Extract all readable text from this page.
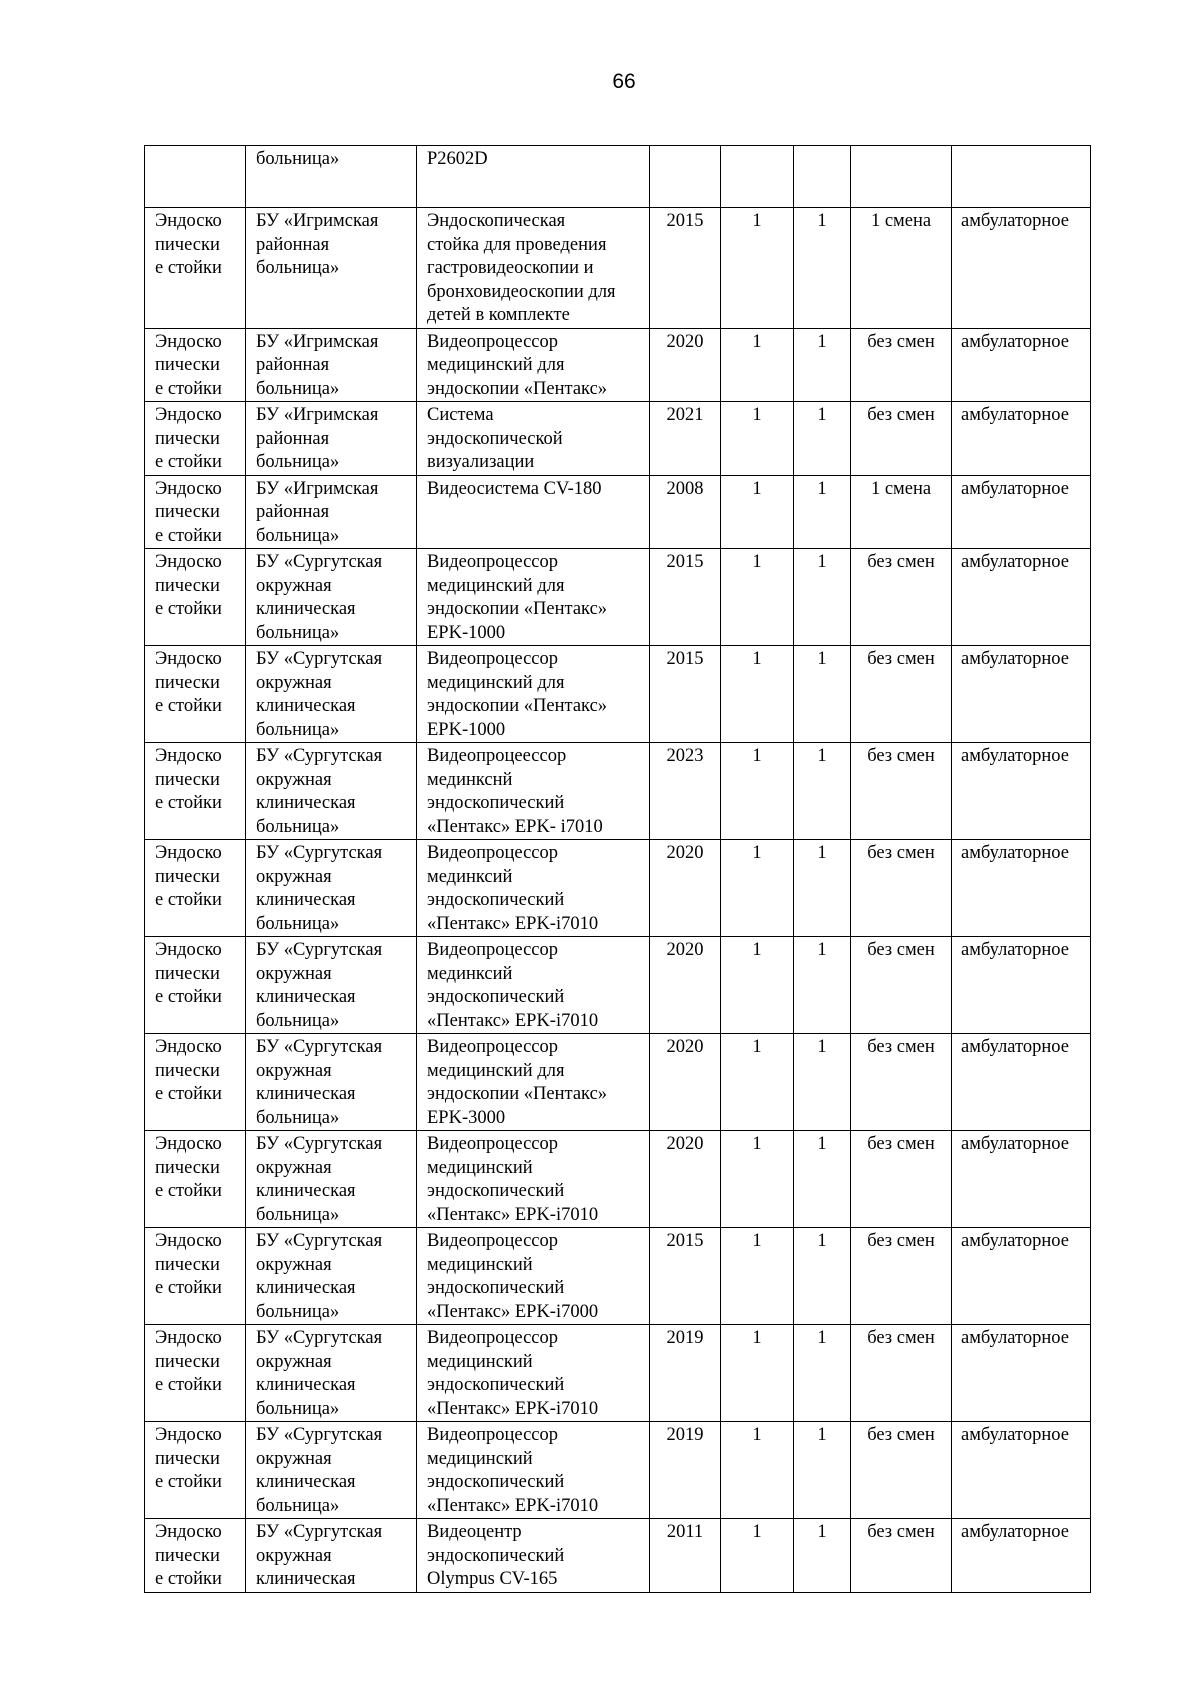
66
	больница»	P2602D					
Эндоско
пически
е стойки	БУ «Игримская
районная
больница»	Эндоскопическая
стойка для проведения
гастровидеоскопии и
бронховидеоскопии для
детей в комплекте	2015	1	1	1 смена	амбулаторное
Эндоско
пически
е стойки	БУ «Игримская
районная
больница»	Видеопроцессор
медицинский для
эндоскопии «Пентакс»	2020	1	1	без смен	амбулаторное
Эндоско
пически
е стойки	БУ «Игримская
районная
больница»	Система
эндоскопической
визуализации	2021	1	1	без смен	амбулаторное
Эндоско
пически
е стойки	БУ «Игримская
районная
больница»	Видеосистема CV-180	2008	1	1	1 смена	амбулаторное
Эндоско
пически
е стойки	БУ «Сургутская
окружная
клиническая
больница»	Видеопроцессор
медицинский для
эндоскопии «Пентакс»
EPK-1000	2015	1	1	без смен	амбулаторное
Эндоско
пически
е стойки	БУ «Сургутская
окружная
клиническая
больница»	Видеопроцессор
медицинский для
эндоскопии «Пентакс»
EPK-1000	2015	1	1	без смен	амбулаторное
Эндоско
пически
е стойки	БУ «Сургутская
окружная
клиническая
больница»	Видеопроцеессор
мединкснй
эндоскопический
«Пентакс» EPK- i7010	2023	1	1	без смен	амбулаторное
Эндоско
пически
е стойки	БУ «Сургутская
окружная
клиническая
больница»	Видеопроцессор
мединксий
эндоскопический
«Пентакс» EPK-i7010	2020	1	1	без смен	амбулаторное
Эндоско
пически
е стойки	БУ «Сургутская
окружная
клиническая
больница»	Видеопроцессор
мединксий
эндоскопический
«Пентакс» EPK-i7010	2020	1	1	без смен	амбулаторное
Эндоско
пически
е стойки	БУ «Сургутская
окружная
клиническая
больница»	Видеопроцессор
медицинский для
эндоскопии «Пентакс»
EPK-3000	2020	1	1	без смен	амбулаторное
Эндоско
пически
е стойки	БУ «Сургутская
окружная
клиническая
больница»	Видеопроцессор
медицинский
эндоскопический
«Пентакс» EPK-i7010	2020	1	1	без смен	амбулаторное
Эндоско
пически
е стойки	БУ «Сургутская
окружная
клиническая
больница»	Видеопроцессор
медицинский
эндоскопический
«Пентакс» EPK-i7000	2015	1	1	без смен	амбулаторное
Эндоско
пически
е стойки	БУ «Сургутская
окружная
клиническая
больница»	Видеопроцессор
медицинский
эндоскопический
«Пентакс» EPK-i7010	2019	1	1	без смен	амбулаторное
Эндоско
пически
е стойки	БУ «Сургутская
окружная
клиническая
больница»	Видеопроцессор
медицинский
эндоскопический
«Пентакс» EPK-i7010	2019	1	1	без смен	амбулаторное
Эндоско
пически
е стойки	БУ «Сургутская
окружная
клиническая	Видеоцентр
эндоскопический
Olympus CV-165	2011	1	1	без смен	амбулаторное
